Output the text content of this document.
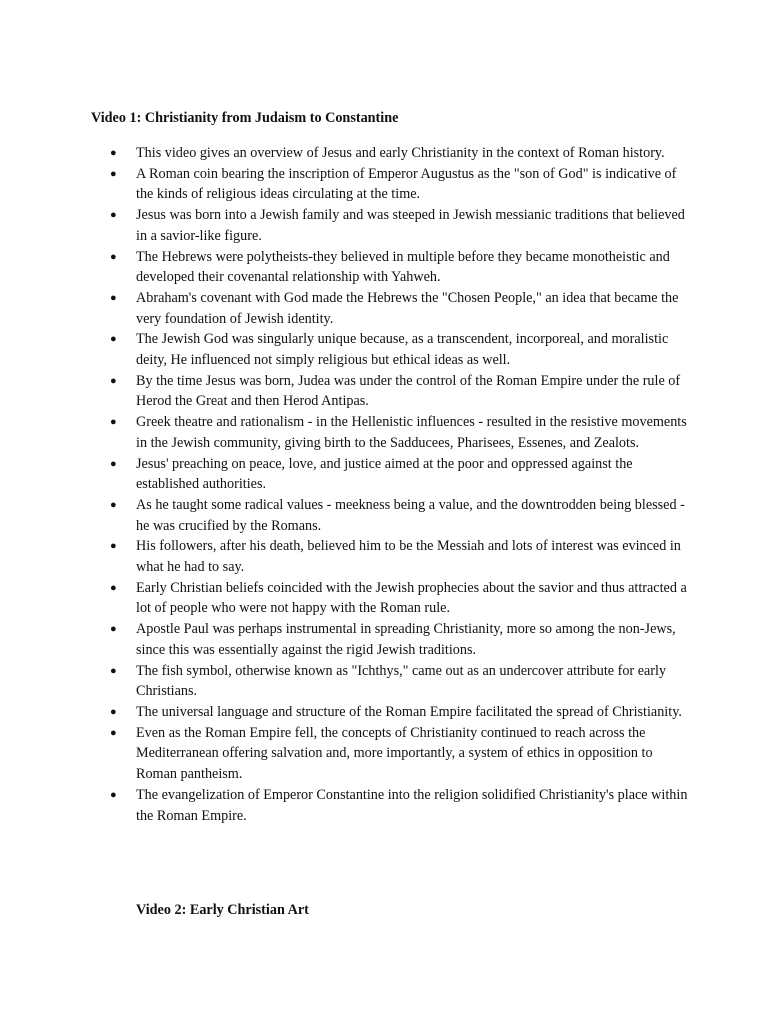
Video 1: Christianity from Judaism to Constantine
● This video gives an overview of Jesus and early Christianity in the context of Roman history.
● A Roman coin bearing the inscription of Emperor Augustus as the "son of God" is indicative of the kinds of religious ideas circulating at the time.
● Jesus was born into a Jewish family and was steeped in Jewish messianic traditions that believed in a savior-like figure.
● The Hebrews were polytheists-they believed in multiple before they became monotheistic and developed their covenantal relationship with Yahweh.
● Abraham's covenant with God made the Hebrews the "Chosen People," an idea that became the very foundation of Jewish identity.
● The Jewish God was singularly unique because, as a transcendent, incorporeal, and moralistic deity, He influenced not simply religious but ethical ideas as well.
● By the time Jesus was born, Judea was under the control of the Roman Empire under the rule of Herod the Great and then Herod Antipas.
● Greek theatre and rationalism - in the Hellenistic influences - resulted in the resistive movements in the Jewish community, giving birth to the Sadducees, Pharisees, Essenes, and Zealots.
● Jesus' preaching on peace, love, and justice aimed at the poor and oppressed against the established authorities.
● As he taught some radical values - meekness being a value, and the downtrodden being blessed - he was crucified by the Romans.
● His followers, after his death, believed him to be the Messiah and lots of interest was evinced in what he had to say.
● Early Christian beliefs coincided with the Jewish prophecies about the savior and thus attracted a lot of people who were not happy with the Roman rule.
● Apostle Paul was perhaps instrumental in spreading Christianity, more so among the non-Jews, since this was essentially against the rigid Jewish traditions.
● The fish symbol, otherwise known as "Ichthys," came out as an undercover attribute for early Christians.
● The universal language and structure of the Roman Empire facilitated the spread of Christianity.
● Even as the Roman Empire fell, the concepts of Christianity continued to reach across the Mediterranean offering salvation and, more importantly, a system of ethics in opposition to Roman pantheism.
● The evangelization of Emperor Constantine into the religion solidified Christianity's place within the Roman Empire.
Video 2: Early Christian Art
